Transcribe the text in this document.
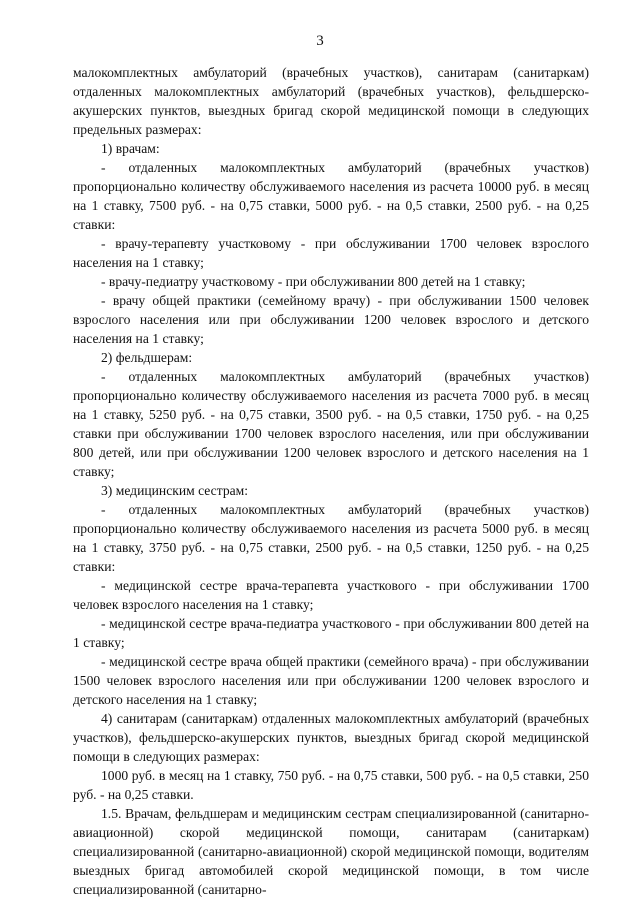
3

малокомплектных амбулаторий (врачебных участков), санитарам (санитаркам) отдаленных малокомплектных амбулаторий (врачебных участков), фельдшерско-акушерских пунктов, выездных бригад скорой медицинской помощи в следующих предельных размерах:

1) врачам:

- отдаленных малокомплектных амбулаторий (врачебных участков) пропорционально количеству обслуживаемого населения из расчета 10000 руб. в месяц на 1 ставку, 7500 руб. - на 0,75 ставки, 5000 руб. - на 0,5 ставки, 2500 руб. - на 0,25 ставки:

- врачу-терапевту участковому - при обслуживании 1700 человек взрослого населения на 1 ставку;

- врачу-педиатру участковому - при обслуживании 800 детей на 1 ставку;

- врачу общей практики (семейному врачу) - при обслуживании 1500 человек взрослого населения или при обслуживании 1200 человек взрослого и детского населения на 1 ставку;

2) фельдшерам:

- отдаленных малокомплектных амбулаторий (врачебных участков) пропорционально количеству обслуживаемого населения из расчета 7000 руб. в месяц на 1 ставку, 5250 руб. - на 0,75 ставки, 3500 руб. - на 0,5 ставки, 1750 руб. - на 0,25 ставки при обслуживании 1700 человек взрослого населения, или при обслуживании 800 детей, или при обслуживании 1200 человек взрослого и детского населения на 1 ставку;

3) медицинским сестрам:

- отдаленных малокомплектных амбулаторий (врачебных участков) пропорционально количеству обслуживаемого населения из расчета 5000 руб. в месяц на 1 ставку, 3750 руб. - на 0,75 ставки, 2500 руб. - на 0,5 ставки, 1250 руб. - на 0,25 ставки:

- медицинской сестре врача-терапевта участкового - при обслуживании 1700 человек взрослого населения на 1 ставку;

- медицинской сестре врача-педиатра участкового - при обслуживании 800 детей на 1 ставку;

- медицинской сестре врача общей практики (семейного врача) - при обслуживании 1500 человек взрослого населения или при обслуживании 1200 человек взрослого и детского населения на 1 ставку;

4) санитарам (санитаркам) отдаленных малокомплектных амбулаторий (врачебных участков), фельдшерско-акушерских пунктов, выездных бригад скорой медицинской помощи в следующих размерах:

1000 руб. в месяц на 1 ставку, 750 руб. - на 0,75 ставки, 500 руб. - на 0,5 ставки, 250 руб. - на 0,25 ставки.

1.5. Врачам, фельдшерам и медицинским сестрам специализированной (санитарно-авиационной) скорой медицинской помощи, санитарам (санитаркам) специализированной (санитарно-авиационной) скорой медицинской помощи, водителям выездных бригад автомобилей скорой медицинской помощи, в том числе специализированной (санитарно-
